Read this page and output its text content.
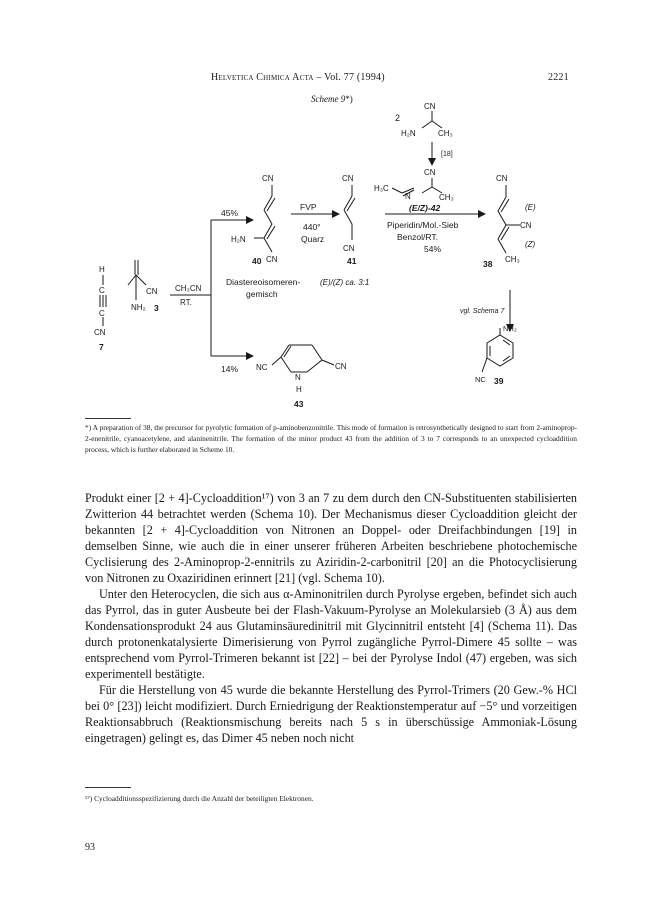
Helvetica Chimica Acta – Vol. 77 (1994)	2221
Scheme 9*)
2
CN
H₂N	CH₃
[18]
CN
H₃C
N	CH₃
(E/Z)-42
Piperidin/Mol.-Sieb
Benzol/RT.
54%
CN
(E)
CN
(Z)
CH₃
38
vgl. Schema 7
NH₂
NC 39
CN
H₂N
40 CN
45%
FVP
440°
Quarz
CN
CN
41
(E)/(Z) ca. 3:1
Diastereoisomeren-
gemisch
H
C
C
CN
7
CN
NH₂ 3
CH₃CN
RT.
14% NC	CN
N
H
43
*) A preparation of 38, the precursor for pyrolytic formation of p-aminobenzonitrile. This mode of formation is retrosynthetically designed to start from 2-aminoprop-2-enenitrile, cyanoacetylene, and alaninenitrile. The formation of the minor product 43 from the addition of 3 to 7 corresponds to an unexpected cycloaddition process, which is further elaborated in Scheme 10.

Produkt einer [2 + 4]-Cycloaddition¹⁷) von 3 an 7 zu dem durch den CN-Substituenten stabilisierten Zwitterion 44 betrachtet werden (Schema 10). Der Mechanismus dieser Cycloaddition gleicht der bekannten [2 + 4]-Cycloaddition von Nitronen an Doppel- oder Dreifachbindungen [19] in demselben Sinne, wie auch die in einer unserer früheren Arbeiten beschriebene photochemische Cyclisierung des 2-Aminoprop-2-ennitrils zu Aziridin-2-carbonitril [20] an die Photocyclisierung von Nitronen zu Oxaziridinen erinnert [21] (vgl. Schema 10).

Unter den Heterocyclen, die sich aus α-Aminonitrilen durch Pyrolyse ergeben, befindet sich auch das Pyrrol, das in guter Ausbeute bei der Flash-Vakuum-Pyrolyse an Molekularsieb (3 Å) aus dem Kondensationsprodukt 24 aus Glutaminsäuredinitril mit Glycinnitril entsteht [4] (Schema 11). Das durch protonenkatalysierte Dimerisierung von Pyrrol zugängliche Pyrrol-Dimere 45 sollte – was entsprechend vom Pyrrol-Trimeren bekannt ist [22] – bei der Pyrolyse Indol (47) ergeben, was sich experimentell bestätigte.

Für die Herstellung von 45 wurde die bekannte Herstellung des Pyrrol-Trimers (20 Gew.-% HCl bei 0° [23]) leicht modifiziert. Durch Erniedrigung der Reaktionstemperatur auf −5° und vorzeitigen Reaktionsabbruch (Reaktionsmischung bereits nach 5 s in überschüssige Ammoniak-Lösung eingetragen) gelingt es, das Dimer 45 neben noch nicht

¹⁷) Cycloadditionsspezifizierung durch die Anzahl der beteiligten Elektronen.
93
